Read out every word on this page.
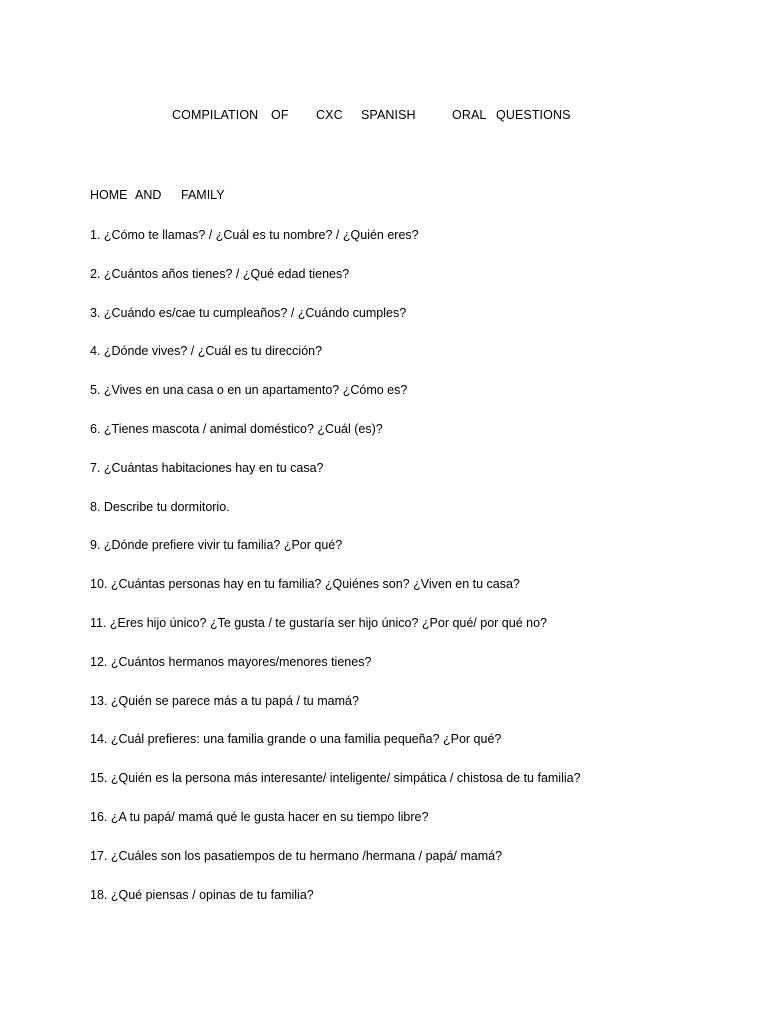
COMPILATION OF CXC SPANISH	ORAL QUESTIONS
HOME AND FAMILY
1. ¿Cómo te llamas? / ¿Cuál es tu nombre? / ¿Quién eres?
2. ¿Cuántos años tienes? / ¿Qué edad tienes?
3. ¿Cuándo es/cae tu cumpleaños? / ¿Cuándo cumples?
4. ¿Dónde vives? / ¿Cuál es tu dirección?
5. ¿Vives en una casa o en un apartamento? ¿Cómo es?
6. ¿Tienes mascota / animal doméstico? ¿Cuál (es)?
7. ¿Cuántas habitaciones hay en tu casa?
8. Describe tu dormitorio.
9. ¿Dónde prefiere vivir tu familia? ¿Por qué?
10. ¿Cuántas personas hay en tu familia? ¿Quiénes son? ¿Viven en tu casa?
11. ¿Eres hijo único? ¿Te gusta / te gustaría ser hijo único? ¿Por qué/ por qué no?
12. ¿Cuántos hermanos mayores/menores tienes?
13. ¿Quién se parece más a tu papá / tu mamá?
14. ¿Cuál prefieres: una familia grande o una familia pequeña? ¿Por qué?
15. ¿Quién es la persona más interesante/ inteligente/ simpática / chistosa de tu familia?
16. ¿A tu papá/ mamá qué le gusta hacer en su tiempo libre?
17. ¿Cuáles son los pasatiempos de tu hermano /hermana / papá/ mamá?
18. ¿Qué piensas / opinas de tu familia?
